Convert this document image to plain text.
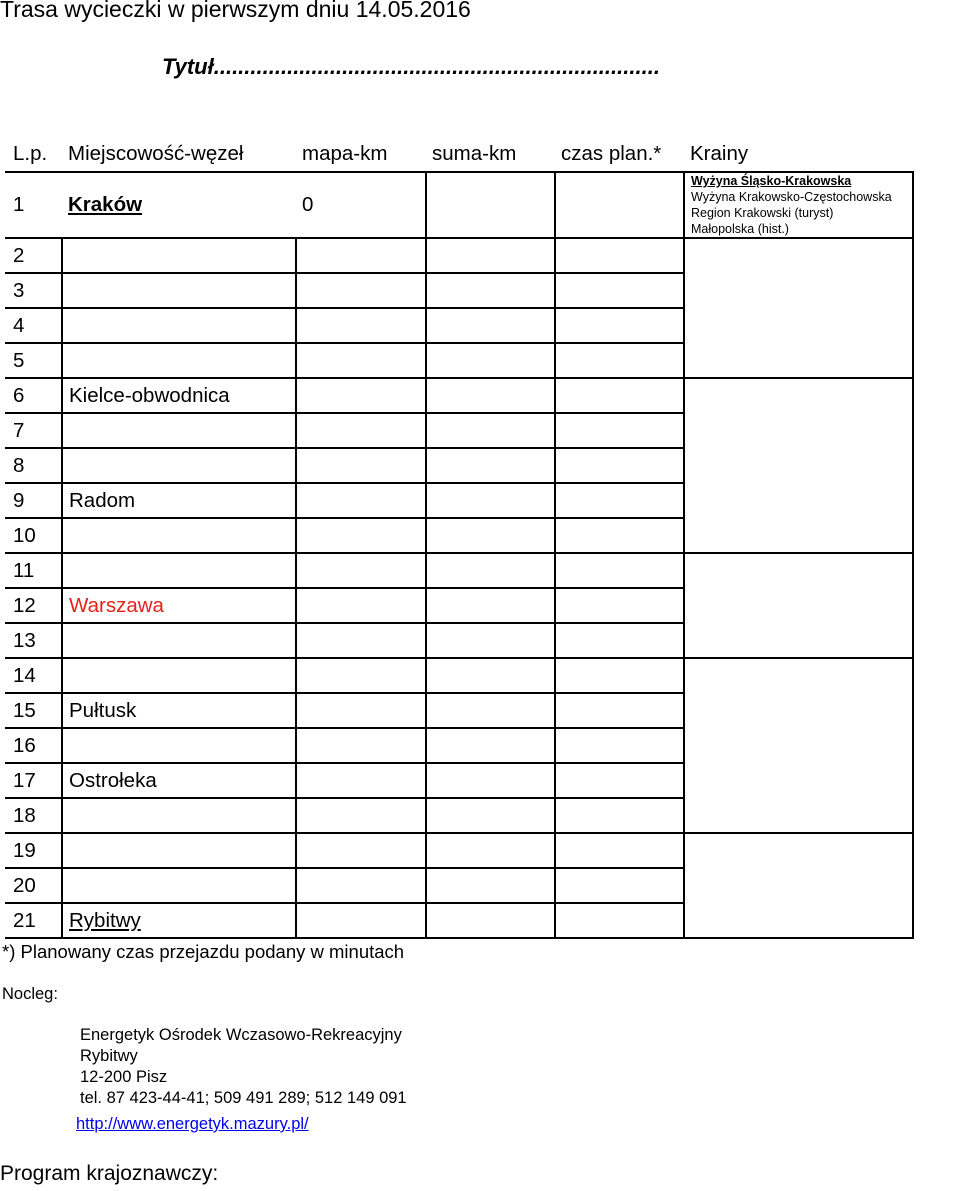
Trasa wycieczki w pierwszym dniu 14.05.2016
Tytuł.........................................................................
L.p.	Miejscowość-węzeł	mapa-km	suma-km	czas plan.*	Krainy
1	Kraków	0			Wyżyna Śląsko-Krakowska
Wyżyna Krakowsko-Częstochowska
Region Krakowski (turyst)
Małopolska (hist.)

2					
3					
4					
5					
6	Kielce-obwodnica				
7					
8					
9	Radom				
10					
11					
12	Warszawa				
13					
14					
15	Pułtusk				
16					
17	Ostrołeka				
18					
19					
20					
21	Rybitwy				
*) Planowany czas przejazdu podany w minutach
Nocleg:
Energetyk Ośrodek Wczasowo-Rekreacyjny
Rybitwy
12-200 Pisz
tel. 87 423-44-41; 509 491 289; 512 149 091
http://www.energetyk.mazury.pl/
Program krajoznawczy:
